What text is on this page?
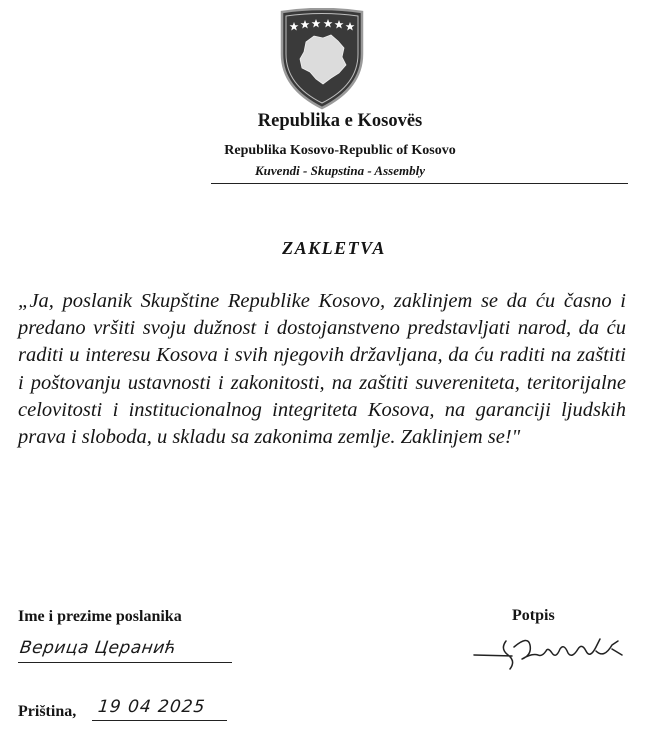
Republika e Kosovës
Republika Kosovo-Republic of Kosovo
Kuvendi - Skupstina - Assembly
ZAKLETVA
„Ja, poslanik Skupštine Republike Kosovo, zaklinjem se da ću časno i predano vršiti svoju dužnost i dostojanstveno predstavljati narod, da ću raditi u interesu Kosova i svih njegovih državljana, da ću raditi na zaštiti i poštovanju ustavnosti i zakonitosti, na zaštiti suvereniteta, teritorijalne celovitosti i institucionalnog integriteta Kosova, na garanciji ljudskih prava i sloboda, u skladu sa zakonima zemlje. Zaklinjem se!"
Ime i prezime poslanika
Верица Церанић
Potpis
Priština, 19 04 2025
